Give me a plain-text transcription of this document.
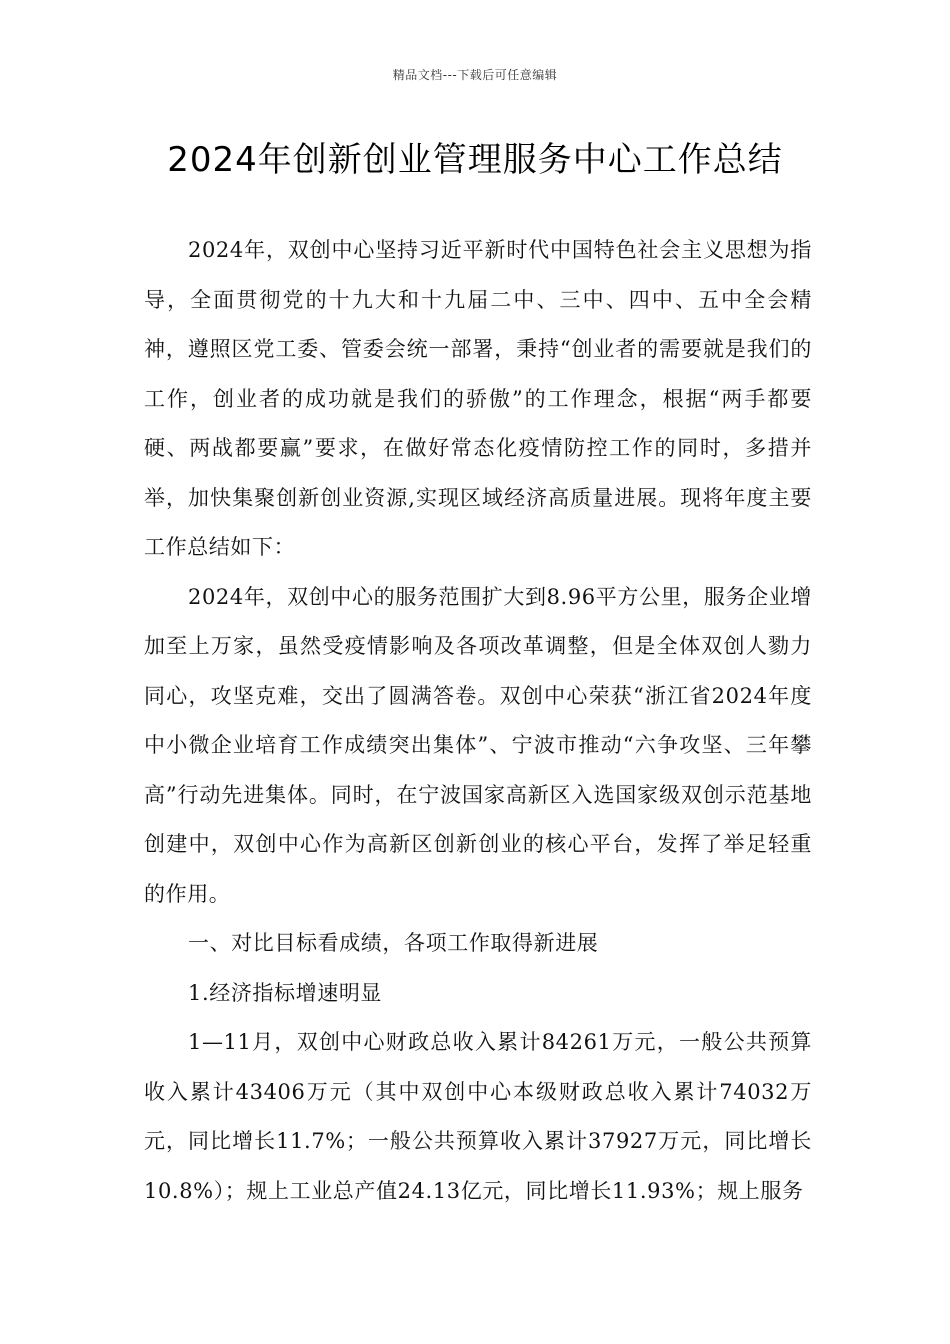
精品文档---下载后可任意编辑
2024年创新创业管理服务中心工作总结

2024年，双创中心坚持习近平新时代中国特色社会主义思想为指导，全面贯彻党的十九大和十九届二中、三中、四中、五中全会精神，遵照区党工委、管委会统一部署，秉持“创业者的需要就是我们的工作，创业者的成功就是我们的骄傲”的工作理念，根据“两手都要硬、两战都要赢”要求，在做好常态化疫情防控工作的同时，多措并举，加快集聚创新创业资源,实现区域经济高质量进展。现将年度主要工作总结如下：

2024年，双创中心的服务范围扩大到8.96平方公里，服务企业增加至上万家，虽然受疫情影响及各项改革调整，但是全体双创人勠力同心，攻坚克难，交出了圆满答卷。双创中心荣获“浙江省2024年度中小微企业培育工作成绩突出集体”、宁波市推动“六争攻坚、三年攀高”行动先进集体。同时，在宁波国家高新区入选国家级双创示范基地创建中，双创中心作为高新区创新创业的核心平台，发挥了举足轻重的作用。

一、对比目标看成绩，各项工作取得新进展

1.经济指标增速明显

1—11月，双创中心财政总收入累计84261万元，一般公共预算收入累计43406万元（其中双创中心本级财政总收入累计74032万元，同比增长11.7%；一般公共预算收入累计37927万元，同比增长10.8%）；规上工业总产值24.13亿元，同比增长11.93%；规上服务
